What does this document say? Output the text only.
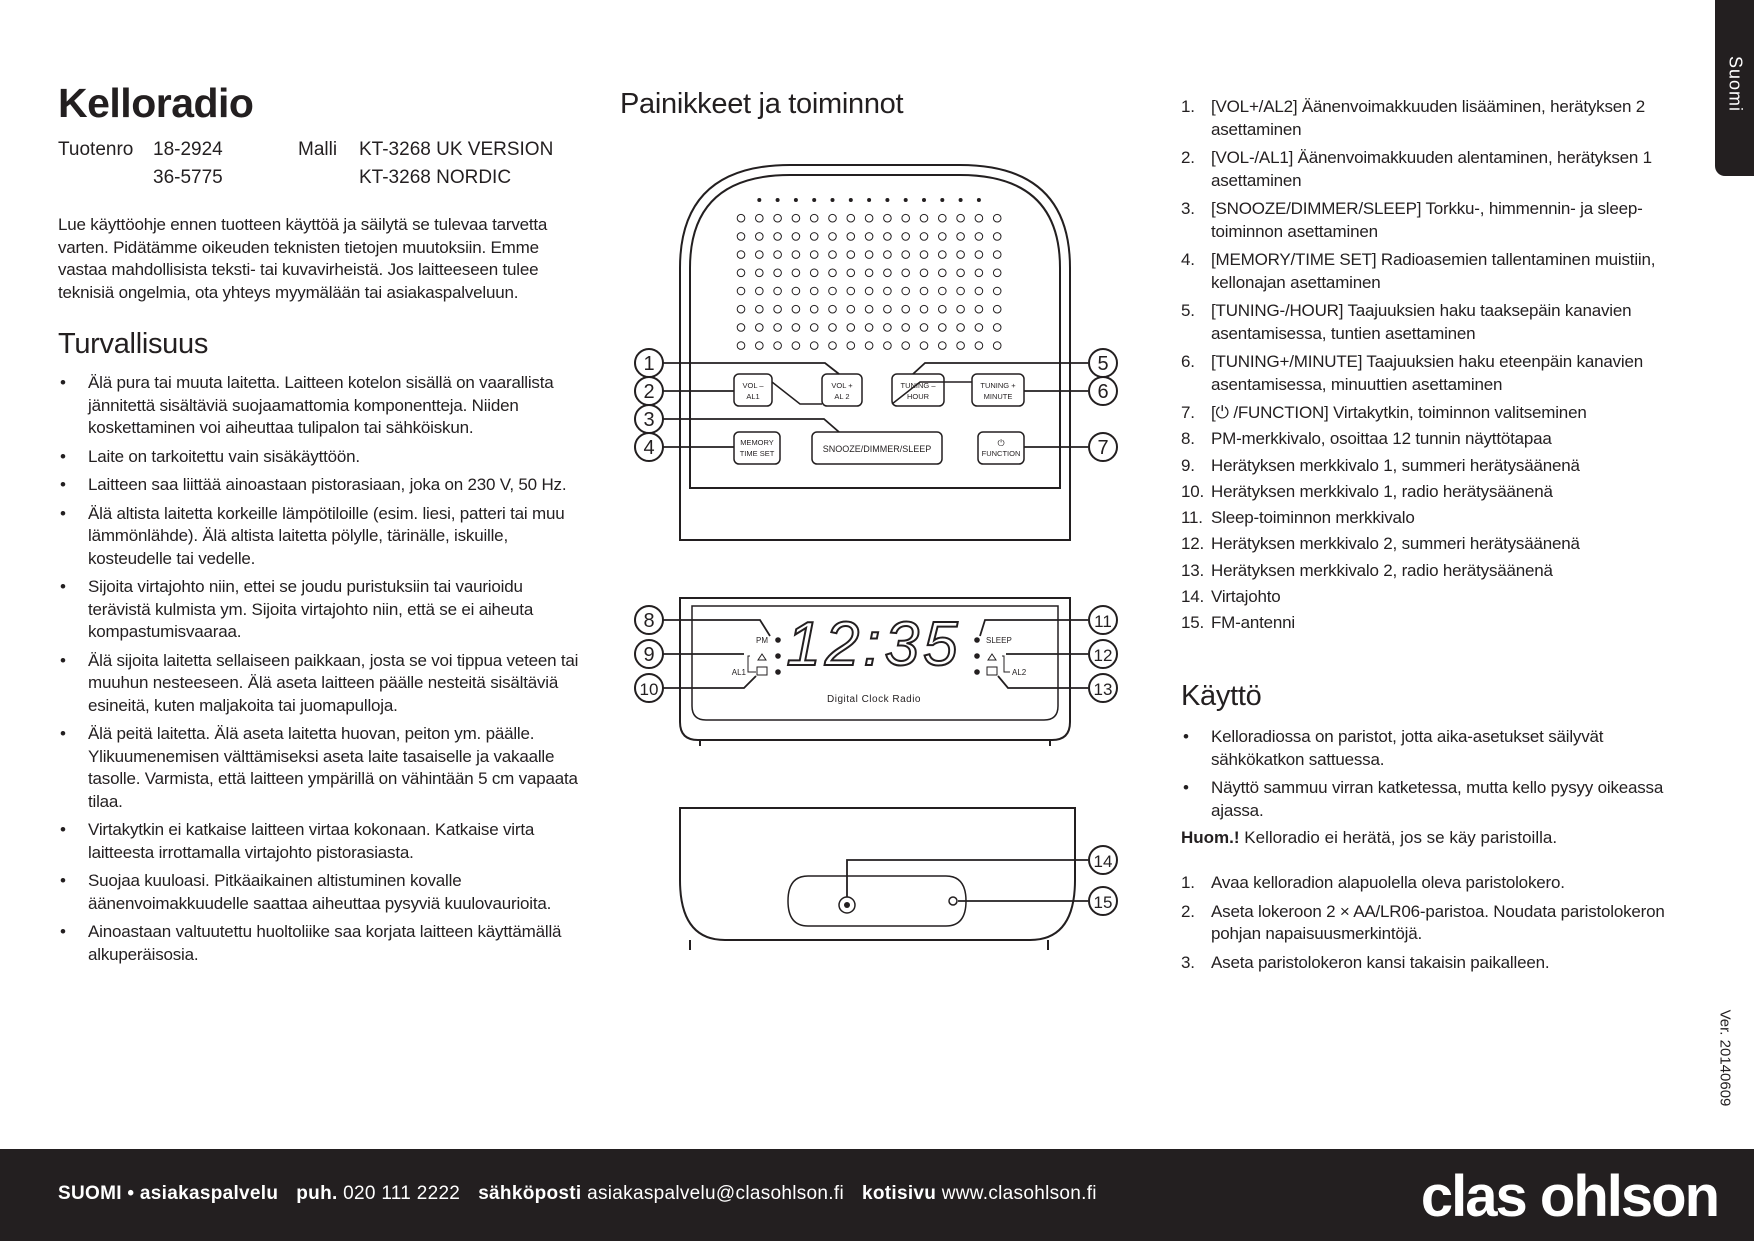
Suomi
Kelloradio
Tuotenro 18-2924
36-5775
Malli KT-3268 UK VERSION
KT-3268 NORDIC
Lue käyttöohje ennen tuotteen käyttöä ja säilytä se tulevaa tarvetta varten. Pidätämme oikeuden teknisten tietojen muutoksiin. Emme vastaa mahdollisista teksti- tai kuvavirheistä. Jos laitteeseen tulee teknisiä ongelmia, ota yhteys myymälään tai asiakaspalveluun.
Turvallisuus
• Älä pura tai muuta laitetta. Laitteen kotelon sisällä on vaarallista jännitettä sisältäviä suojaamattomia komponentteja. Niiden koskettaminen voi aiheuttaa tulipalon tai sähköiskun.
• Laite on tarkoitettu vain sisäkäyttöön.
• Laitteen saa liittää ainoastaan pistorasiaan, joka on 230 V, 50 Hz.
• Älä altista laitetta korkeille lämpötiloille (esim. liesi, patteri tai muu lämmönlähde). Älä altista laitetta pölylle, tärinälle, iskuille, kosteudelle tai vedelle.
• Sijoita virtajohto niin, ettei se joudu puristuksiin tai vaurioidu terävistä kulmista ym. Sijoita virtajohto niin, että se ei aiheuta kompastumisvaaraa.
• Älä sijoita laitetta sellaiseen paikkaan, josta se voi tippua veteen tai muuhun nesteeseen. Älä aseta laitteen päälle nesteitä sisältäviä esineitä, kuten maljakoita tai juomapulloja.
• Älä peitä laitetta. Älä aseta laitetta huovan, peiton ym. päälle. Ylikuumenemisen välttämiseksi aseta laite tasaiselle ja vakaalle tasolle. Varmista, että laitteen ympärillä on vähintään 5 cm vapaata tilaa.
• Virtakytkin ei katkaise laitteen virtaa kokonaan. Katkaise virta laitteesta irrottamalla virtajohto pistorasiasta.
• Suojaa kuuloasi. Pitkäaikainen altistuminen kovalle äänenvoimakkuudelle saattaa aiheuttaa pysyviä kuulovaurioita.
• Ainoastaan valtuutettu huoltoliike saa korjata laitteen käyttämällä alkuperäisosia.
Painikkeet ja toiminnot
VOL –
AL1
VOL +
AL 2
TUNING –
HOUR
TUNING +
MINUTE
MEMORY
TIME SET	SNOOZE/DIMMER/SLEEP
⏻
FUNCTION
12:35
Digital Clock Radio
PM
AL1
SLEEP
AL2
1
2
3
4
5
6
7
8
9
10
11
12
13
14
15
1. [VOL+/AL2] Äänenvoimakkuuden lisääminen, herätyksen 2 asettaminen
2. [VOL-/AL1] Äänenvoimakkuuden alentaminen, herätyksen 1 asettaminen
3. [SNOOZE/DIMMER/SLEEP] Torkku-, himmennin- ja sleep-toiminnon asettaminen
4. [MEMORY/TIME SET] Radioasemien tallentaminen muistiin, kellonajan asettaminen
5. [TUNING-/HOUR] Taajuuksien haku taaksepäin kanavien asentamisessa, tuntien asettaminen
6. [TUNING+/MINUTE] Taajuuksien haku eteenpäin kanavien asentamisessa, minuuttien asettaminen
7. [⏻ /FUNCTION] Virtakytkin, toiminnon valitseminen
8. PM-merkkivalo, osoittaa 12 tunnin näyttötapaa
9. Herätyksen merkkivalo 1, summeri herätysäänenä
10. Herätyksen merkkivalo 1, radio herätysäänenä
11. Sleep-toiminnon merkkivalo
12. Herätyksen merkkivalo 2, summeri herätysäänenä
13. Herätyksen merkkivalo 2, radio herätysäänenä
14. Virtajohto
15. FM-antenni
Käyttö
• Kelloradiossa on paristot, jotta aika-asetukset säilyvät sähkökatkon sattuessa.
• Näyttö sammuu virran katketessa, mutta kello pysyy oikeassa ajassa.
Huom.! Kelloradio ei herätä, jos se käy paristoilla.
1. Avaa kelloradion alapuolella oleva paristolokero.
2. Aseta lokeroon 2 × AA/LR06-paristoa. Noudata paristolokeron pohjan napaisuusmerkintöjä.
3. Aseta paristolokeron kansi takaisin paikalleen.
Ver. 20140609
SUOMI • asiakaspalvelu puh. 020 111 2222 sähköposti asiakaspalvelu@clasohlson.fi kotisivu www.clasohlson.fi	clas ohlson
